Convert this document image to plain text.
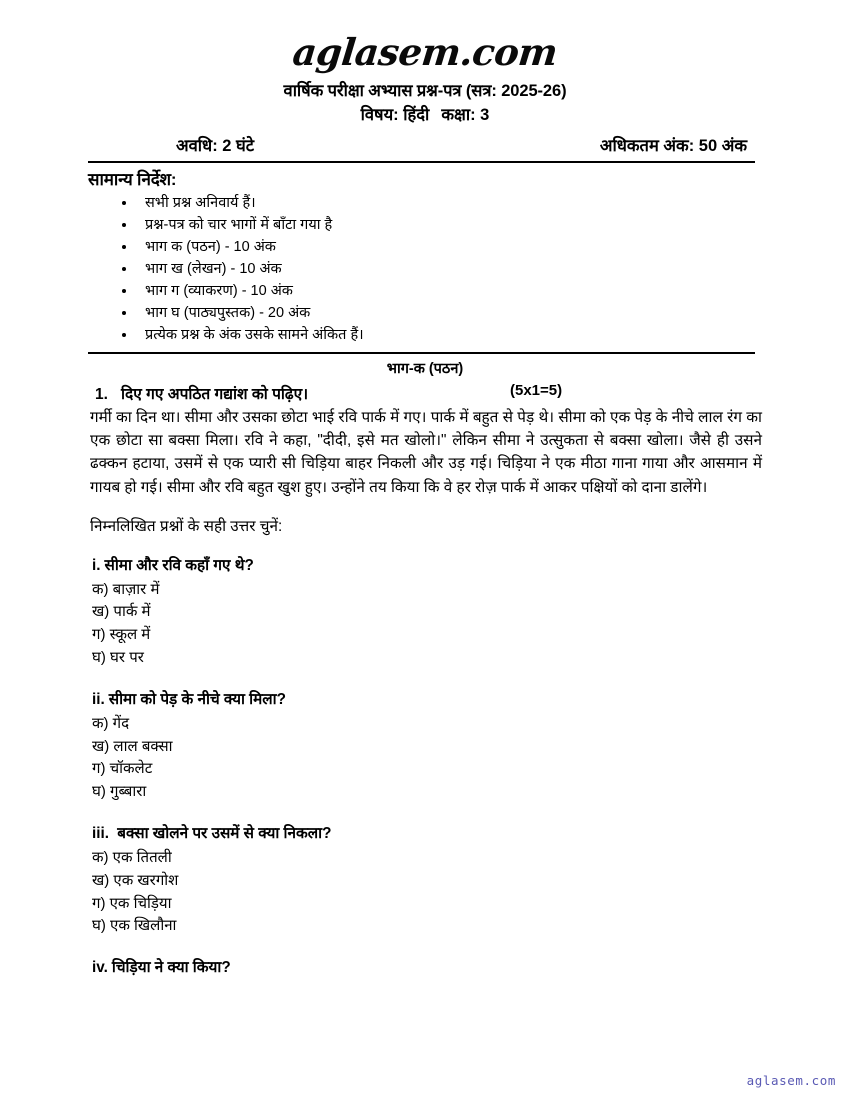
aglasem.com
वार्षिक परीक्षा अभ्यास प्रश्न-पत्र (सत्र: 2025-26)
विषय: हिंदी कक्षा: 3
अवधि: 2 घंटे	अधिकतम अंक: 50 अंक
सामान्य निर्देश:
सभी प्रश्न अनिवार्य हैं।
प्रश्न-पत्र को चार भागों में बाँटा गया है
भाग क (पठन) - 10 अंक
भाग ख (लेखन) - 10 अंक
भाग ग (व्याकरण) - 10 अंक
भाग घ (पाठ्यपुस्तक) - 20 अंक
प्रत्येक प्रश्न के अंक उसके सामने अंकित हैं।
भाग-क (पठन)
1. दिए गए अपठित गद्यांश को पढ़िए।	(5x1=5)
गर्मी का दिन था। सीमा और उसका छोटा भाई रवि पार्क में गए। पार्क में बहुत से पेड़ थे। सीमा को एक पेड़ के नीचे लाल रंग का एक छोटा सा बक्सा मिला। रवि ने कहा, "दीदी, इसे मत खोलो।" लेकिन सीमा ने उत्सुकता से बक्सा खोला। जैसे ही उसने ढक्कन हटाया, उसमें से एक प्यारी सी चिड़िया बाहर निकली और उड़ गई। चिड़िया ने एक मीठा गाना गाया और आसमान में गायब हो गई। सीमा और रवि बहुत खुश हुए। उन्होंने तय किया कि वे हर रोज़ पार्क में आकर पक्षियों को दाना डालेंगे।
निम्नलिखित प्रश्नों के सही उत्तर चुनें:
i. सीमा और रवि कहाँ गए थे?
क) बाज़ार में
ख) पार्क में
ग) स्कूल में
घ) घर पर
ii. सीमा को पेड़ के नीचे क्या मिला?
क) गेंद
ख) लाल बक्सा
ग) चॉकलेट
घ) गुब्बारा
iii. बक्सा खोलने पर उसमें से क्या निकला?
क) एक तितली
ख) एक खरगोश
ग) एक चिड़िया
घ) एक खिलौना
iv. चिड़िया ने क्या किया?
aglasem.com
